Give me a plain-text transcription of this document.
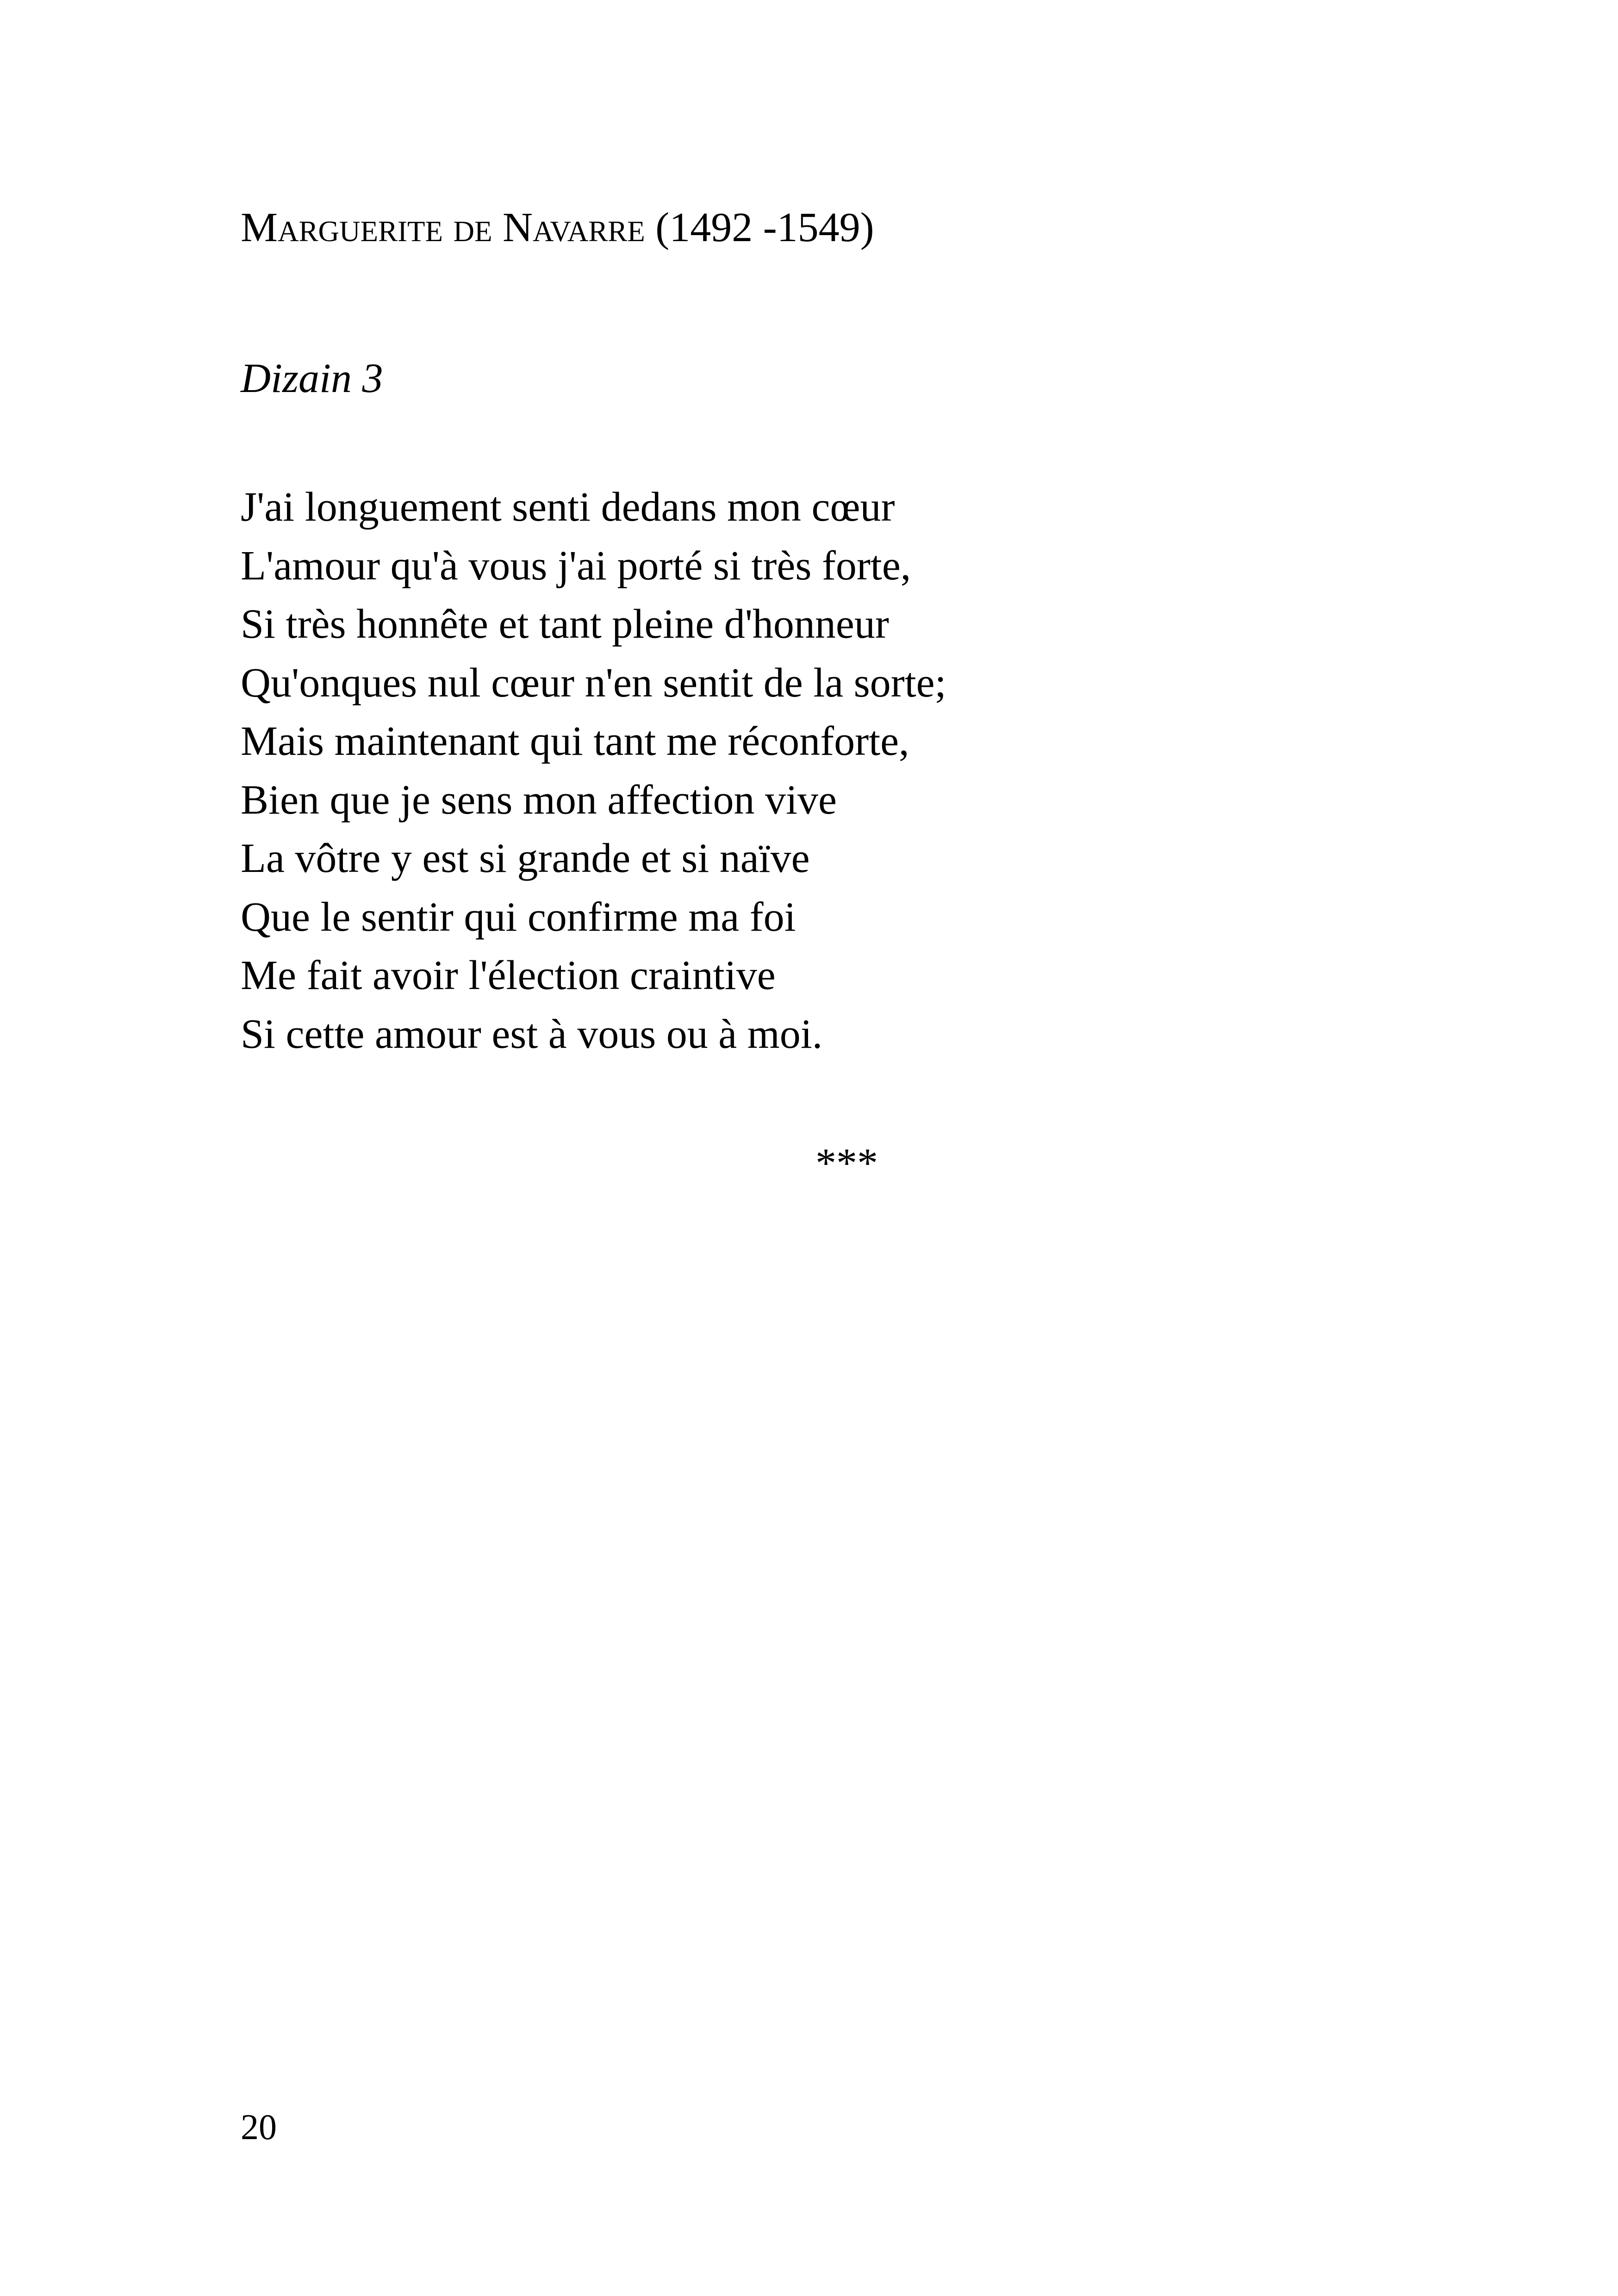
Marguerite de Navarre (1492 -1549)
Dizain 3
J'ai longuement senti dedans mon cœur
L'amour qu'à vous j'ai porté si très forte,
Si très honnête et tant pleine d'honneur
Qu'onques nul cœur n'en sentit de la sorte;
Mais maintenant qui tant me réconforte,
Bien que je sens mon affection vive
La vôtre y est si grande et si naïve
Que le sentir qui confirme ma foi
Me fait avoir l'élection craintive
Si cette amour est à vous ou à moi.
***
20
